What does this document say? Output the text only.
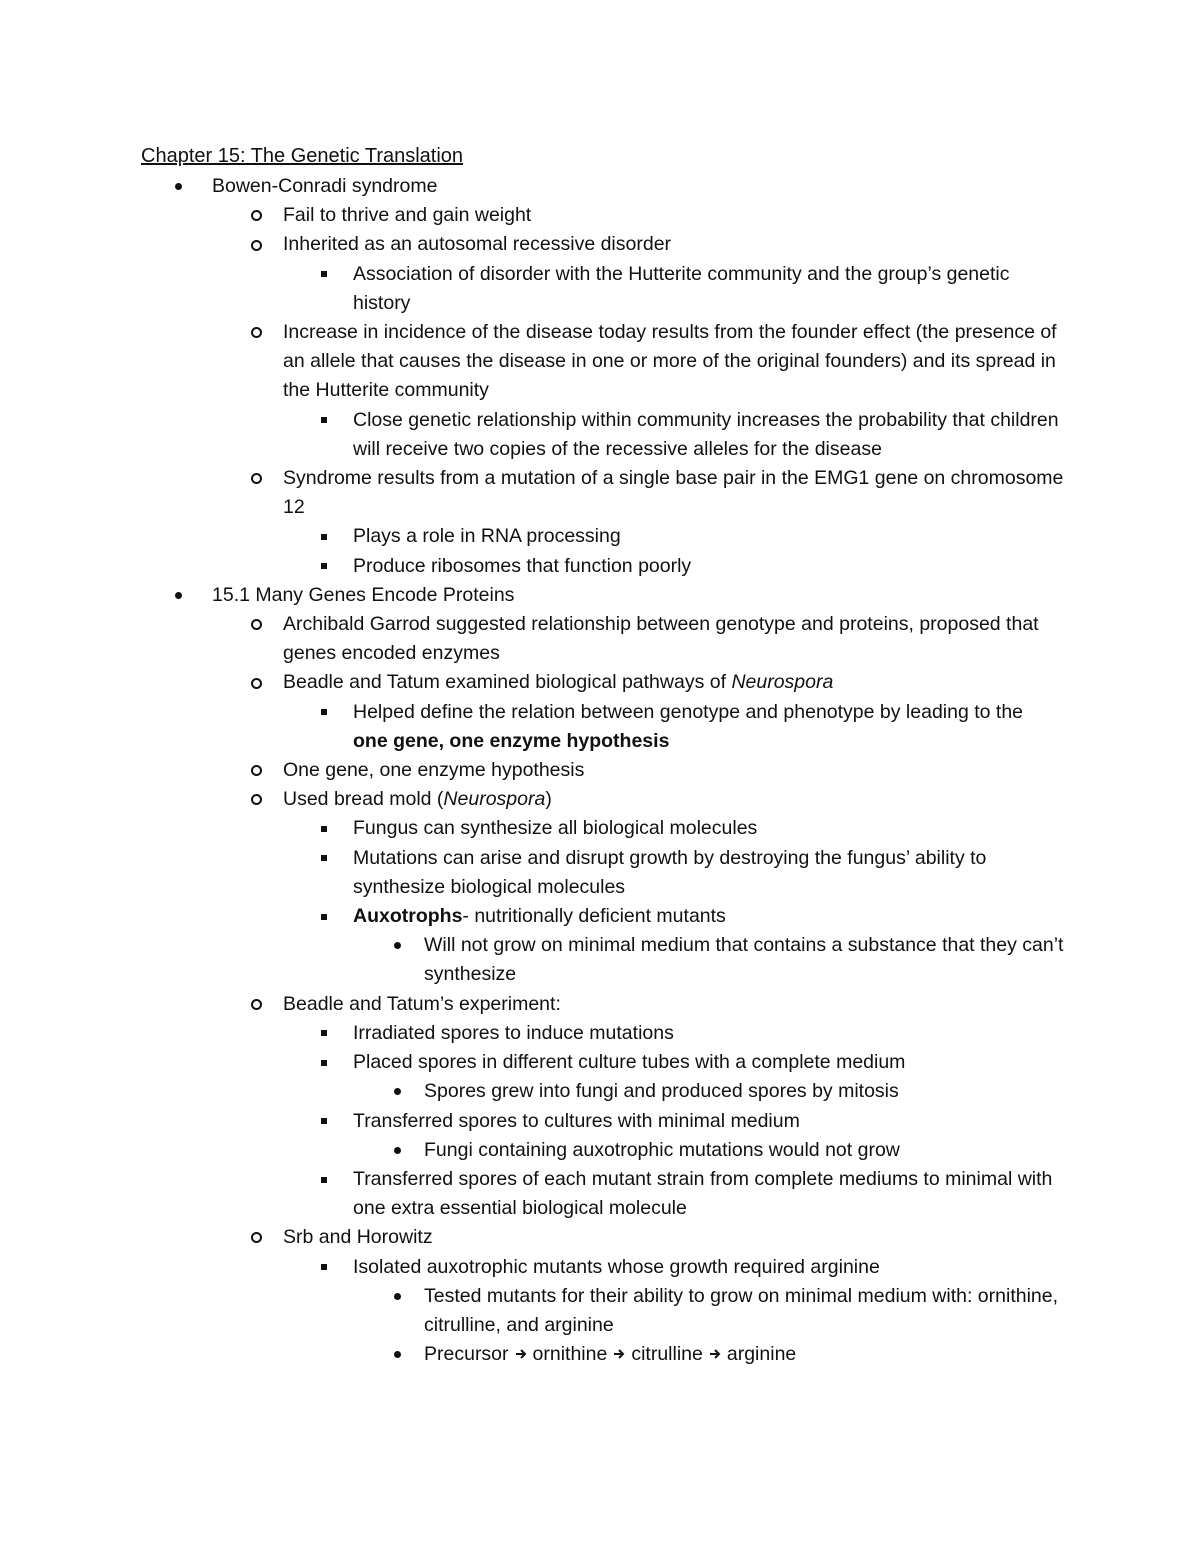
Chapter 15: The Genetic Translation
Bowen-Conradi syndrome
Fail to thrive and gain weight
Inherited as an autosomal recessive disorder
Association of disorder with the Hutterite community and the group’s genetic history
Increase in incidence of the disease today results from the founder effect (the presence of an allele that causes the disease in one or more of the original founders) and its spread in the Hutterite community
Close genetic relationship within community increases the probability that children will receive two copies of the recessive alleles for the disease
Syndrome results from a mutation of a single base pair in the EMG1 gene on chromosome 12
Plays a role in RNA processing
Produce ribosomes that function poorly
15.1 Many Genes Encode Proteins
Archibald Garrod suggested relationship between genotype and proteins, proposed that genes encoded enzymes
Beadle and Tatum examined biological pathways of Neurospora
Helped define the relation between genotype and phenotype by leading to the one gene, one enzyme hypothesis
One gene, one enzyme hypothesis
Used bread mold (Neurospora)
Fungus can synthesize all biological molecules
Mutations can arise and disrupt growth by destroying the fungus’ ability to synthesize biological molecules
Auxotrophs- nutritionally deficient mutants
Will not grow on minimal medium that contains a substance that they can’t synthesize
Beadle and Tatum’s experiment:
Irradiated spores to induce mutations
Placed spores in different culture tubes with a complete medium
Spores grew into fungi and produced spores by mitosis
Transferred spores to cultures with minimal medium
Fungi containing auxotrophic mutations would not grow
Transferred spores of each mutant strain from complete mediums to minimal with one extra essential biological molecule
Srb and Horowitz
Isolated auxotrophic mutants whose growth required arginine
Tested mutants for their ability to grow on minimal medium with: ornithine, citrulline, and arginine
Precursor ornithine citrulline arginine
